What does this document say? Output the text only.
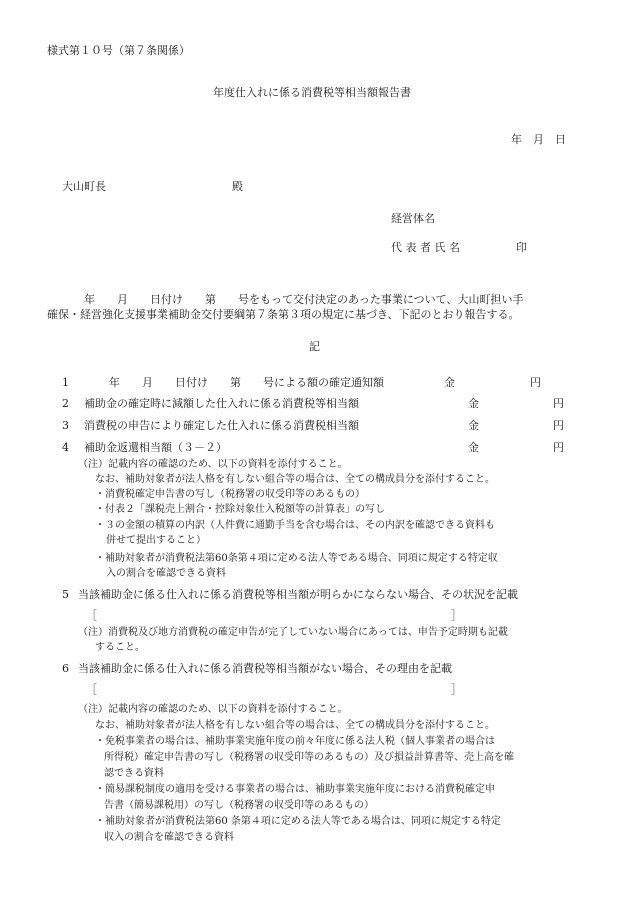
様式第１０号（第７条関係）
年度仕入れに係る消費税等相当額報告書
年　月　日
大山町長	殿
経営体名
代 表 者 氏 名	印
年　　月　　日付け　　第　　号をもって交付決定のあった事業について、大山町担い手
確保・経営強化支援事業補助金交付要綱第７条第３項の規定に基づき、下記のとおり報告する。
記
1	年　　月　　日付け　　第　　号による額の確定通知額	金	円
2 補助金の確定時に減額した仕入れに係る消費税等相当額	金	円
3 消費税の申告により確定した仕入れに係る消費税相当額	金	円
4 補助金返還相当額（３－２）	金	円
（注）記載内容の確認のため、以下の資料を添付すること。
なお、補助対象者が法人格を有しない組合等の場合は、全ての構成員分を添付すること。
・消費税確定申告書の写し（税務署の収受印等のあるもの）
・付表２「課税売上割合・控除対象仕入税額等の計算表」の写し
・３の金額の積算の内訳（人件費に通勤手当を含む場合は、その内訳を確認できる資料も
併せて提出すること）
・補助対象者が消費税法第60条第４項に定める法人等である場合、同項に規定する特定収
入の割合を確認できる資料
5 当該補助金に係る仕入れに係る消費税等相当額が明らかにならない場合、その状況を記載
［	］
（注）消費税及び地方消費税の確定申告が完了していない場合にあっては、申告予定時期も記載
すること。
6 当該補助金に係る仕入れに係る消費税等相当額がない場合、その理由を記載
［	］
（注）記載内容の確認のため、以下の資料を添付すること。
なお、補助対象者が法人格を有しない組合等の場合は、全ての構成員分を添付すること。
・免税事業者の場合は、補助事業実施年度の前々年度に係る法人税（個人事業者の場合は
所得税）確定申告書の写し（税務署の収受印等のあるもの）及び損益計算書等、売上高を確
認できる資料
・簡易課税制度の適用を受ける事業者の場合は、補助事業実施年度における消費税確定申
告書（簡易課税用）の写し（税務署の収受印等のあるもの）
・補助対象者が消費税法第60 条第４項に定める法人等である場合は、同項に規定する特定
収入の割合を確認できる資料
